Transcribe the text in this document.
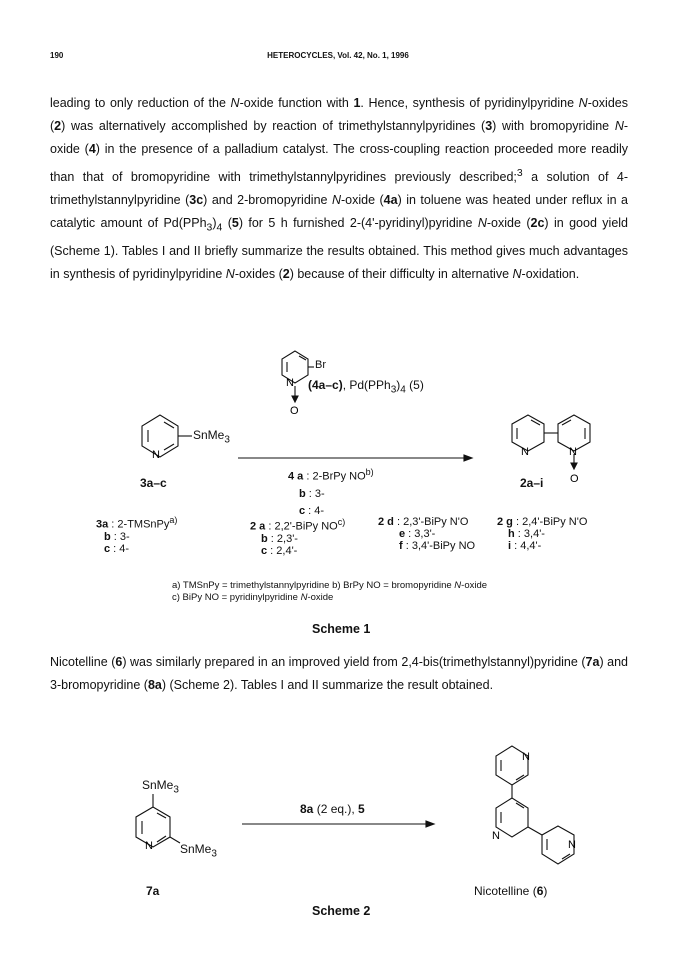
190	HETEROCYCLES, Vol. 42, No. 1, 1996
leading to only reduction of the N-oxide function with 1. Hence, synthesis of pyridinylpyridine N-oxides (2) was alternatively accomplished by reaction of trimethylstannylpyridines (3) with bromopyridine N-oxide (4) in the presence of a palladium catalyst. The cross-coupling reaction proceeded more readily than that of bromopyridine with trimethylstannylpyridines previously described;$^3$ a solution of 4-trimethylstannylpyridine (3c) and 2-bromopyridine N-oxide (4a) in toluene was heated under reflux in a catalytic amount of $Pd(PPh_3)_4$ (5) for 5 h furnished 2-(4'-pyridinyl)pyridine N-oxide (2c) in good yield (Scheme 1). Tables I and II briefly summarize the results obtained. This method gives much advantages in synthesis of pyridinylpyridine N-oxides (2) because of their difficulty in alternative N-oxidation.
N
O
N	N	N
O
SnMe$_3$
3a–c
Br
(4a–c), $Pd(PPh_3)_4$ (5)
2a–i
4 a : 2-BrPy NO$^{b)}$
b : 3-
c : 4-
3a : 2-TMSnPy$^{a)}$
b : 3-
c : 4-
2 a : 2,2'-BiPy NO$^{c)}$
b : 2,3'-
c : 2,4'-
2 d : 2,3'-BiPy N'O
e : 3,3'-
f : 3,4'-BiPy NO
2 g : 2,4'-BiPy N'O
h : 3,4'-
i : 4,4'-
a) TMSnPy = trimethylstannylpyridine b) BrPy NO = bromopyridine N-oxide
c) BiPy NO = pyridinylpyridine N-oxide
Scheme 1
Nicotelline (6) was similarly prepared in an improved yield from 2,4-bis(trimethylstannyl)pyridine (7a) and 3-bromopyridine (8a) (Scheme 2). Tables I and II summarize the result obtained.
N
N
N
N
SnMe$_3$
SnMe$_3$
7a
8a (2 eq.), 5
Nicotelline (6)
Scheme 2
